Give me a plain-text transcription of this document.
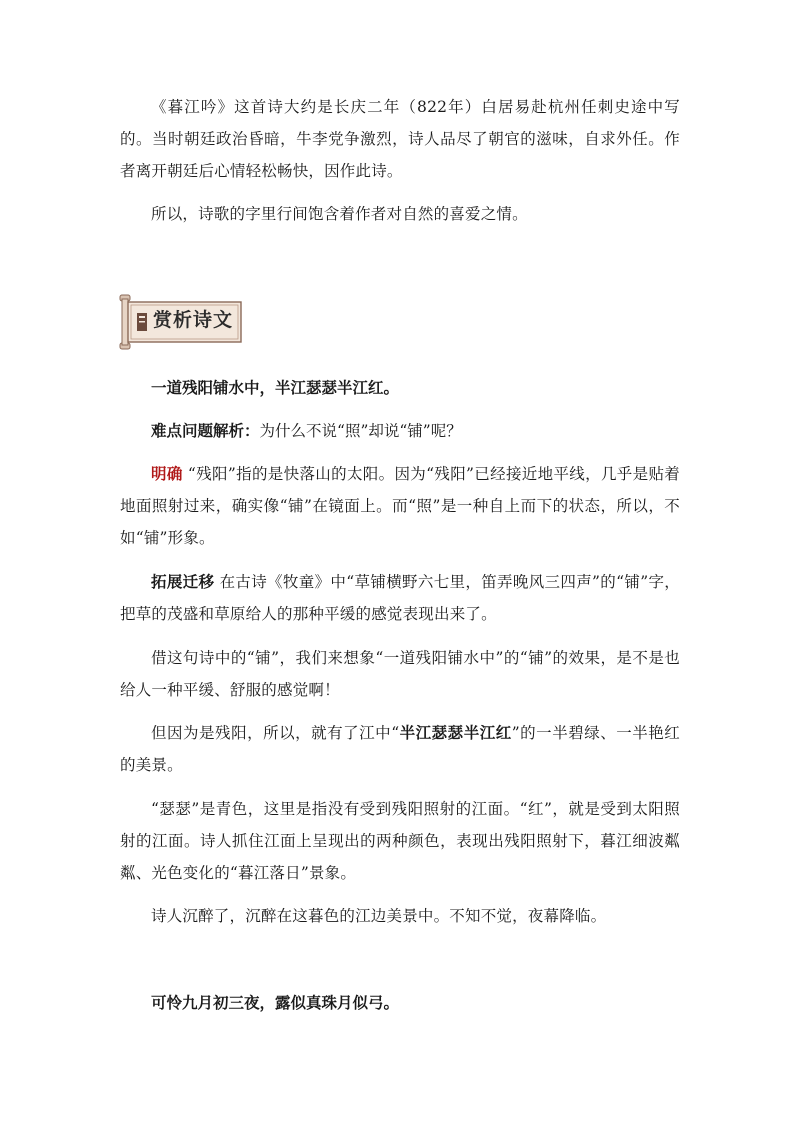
《暮江吟》这首诗大约是长庆二年（822年）白居易赴杭州任刺史途中写的。当时朝廷政治昏暗，牛李党争激烈，诗人品尽了朝官的滋味，自求外任。作者离开朝廷后心情轻松畅快，因作此诗。

所以，诗歌的字里行间饱含着作者对自然的喜爱之情。

赏析诗文

一道残阳铺水中，半江瑟瑟半江红。

难点问题解析：为什么不说“照”却说“铺”呢？

明确 “残阳”指的是快落山的太阳。因为“残阳”已经接近地平线，几乎是贴着地面照射过来，确实像“铺”在镜面上。而“照”是一种自上而下的状态，所以，不如“铺”形象。

拓展迁移 在古诗《牧童》中“草铺横野六七里，笛弄晚风三四声”的“铺”字，把草的茂盛和草原给人的那种平缓的感觉表现出来了。

借这句诗中的“铺”，我们来想象“一道残阳铺水中”的“铺”的效果，是不是也给人一种平缓、舒服的感觉啊！

但因为是残阳，所以，就有了江中“半江瑟瑟半江红”的一半碧绿、一半艳红的美景。

“瑟瑟”是青色，这里是指没有受到残阳照射的江面。“红”，就是受到太阳照射的江面。诗人抓住江面上呈现出的两种颜色，表现出残阳照射下，暮江细波粼粼、光色变化的“暮江落日”景象。

诗人沉醉了，沉醉在这暮色的江边美景中。不知不觉，夜幕降临。

可怜九月初三夜，露似真珠月似弓。
